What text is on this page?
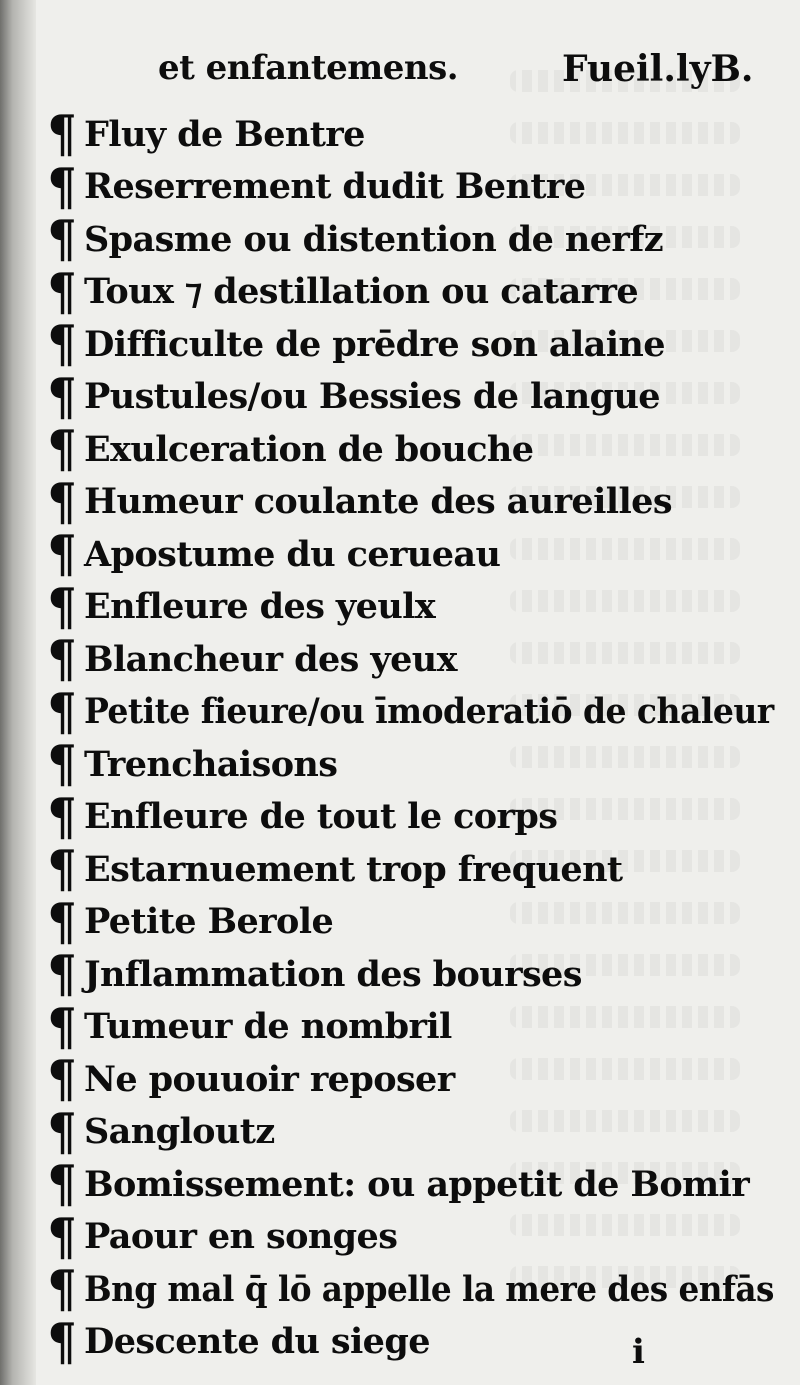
et enfantemens.	Fueil.lyB.
¶ Fluy de Bentre
¶ Reserrement dudit Bentre
¶ Spasme ou distention de nerfz
¶ Toux ⁊ destillation ou catarre
¶ Difficulte de prēdre son alaine
¶ Pustules/ou Bessies de langue
¶ Exulceration de bouche
¶ Humeur coulante des aureilles
¶ Apostume du cerueau
¶ Enfleure des yeulx
¶ Blancheur des yeux
¶ Petite fieure/ou īmoderatiō de chaleur
¶ Trenchaisons
¶ Enfleure de tout le corps
¶ Estarnuement trop frequent
¶ Petite Berole
¶ Jnflammation des bourses
¶ Tumeur de nombril
¶ Ne pouuoir reposer
¶ Sangloutz
¶ Bomissement: ou appetit de Bomir
¶ Paour en songes
¶ Bng mal q̄ lō appelle la mere des enfās
¶ Descente du siege	i
